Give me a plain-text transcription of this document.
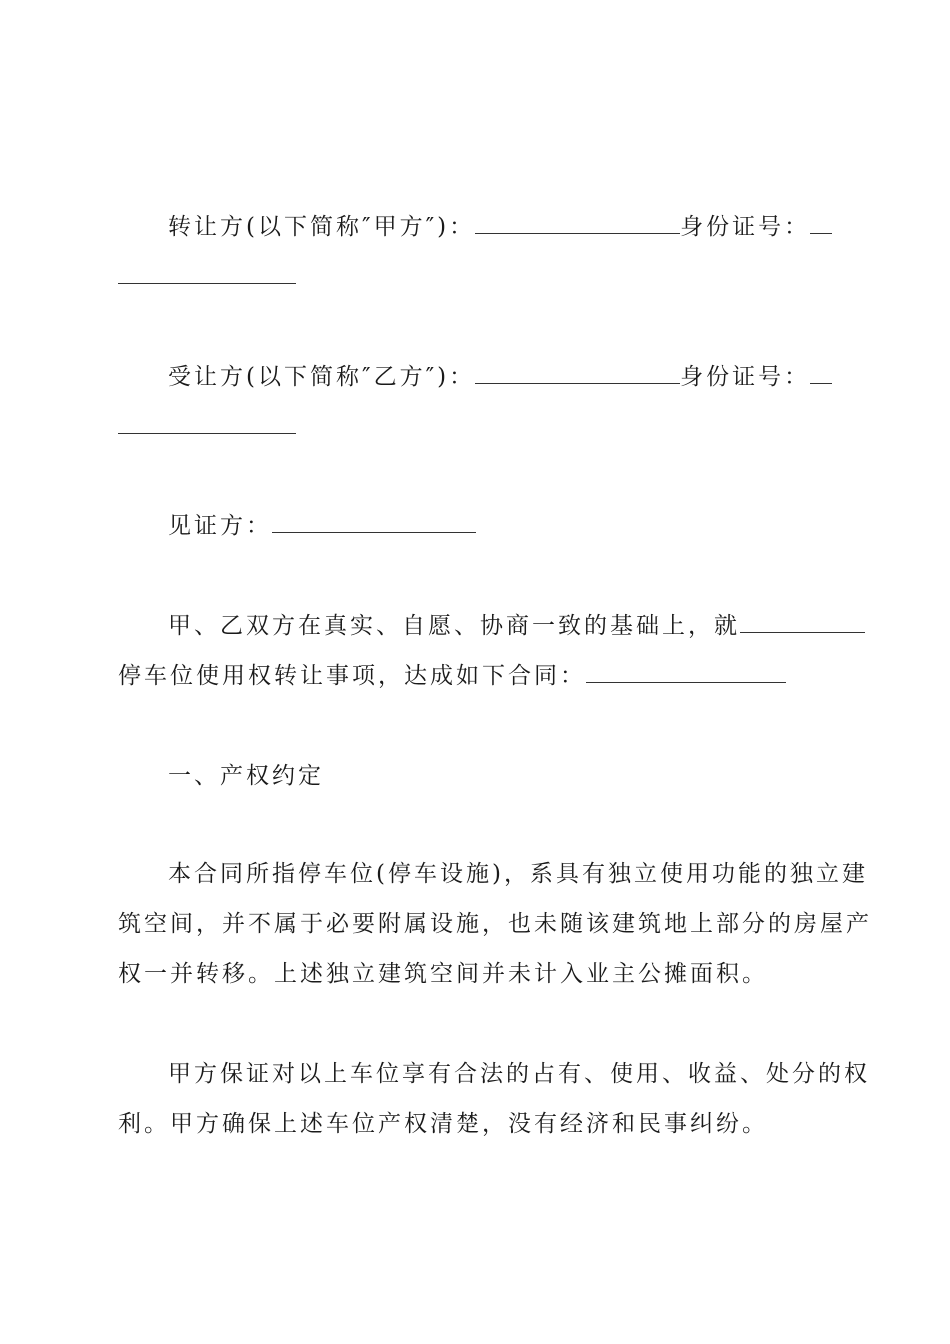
转让方(以下简称″甲方″)：	身份证号：
受让方(以下简称″乙方″)：	身份证号：
见证方：
甲、乙双方在真实、自愿、协商一致的基础上，就
停车位使用权转让事项，达成如下合同：
一、产权约定
本合同所指停车位(停车设施)，系具有独立使用功能的独立建
筑空间，并不属于必要附属设施，也未随该建筑地上部分的房屋产
权一并转移。上述独立建筑空间并未计入业主公摊面积。
甲方保证对以上车位享有合法的占有、使用、收益、处分的权
利。甲方确保上述车位产权清楚，没有经济和民事纠纷。
